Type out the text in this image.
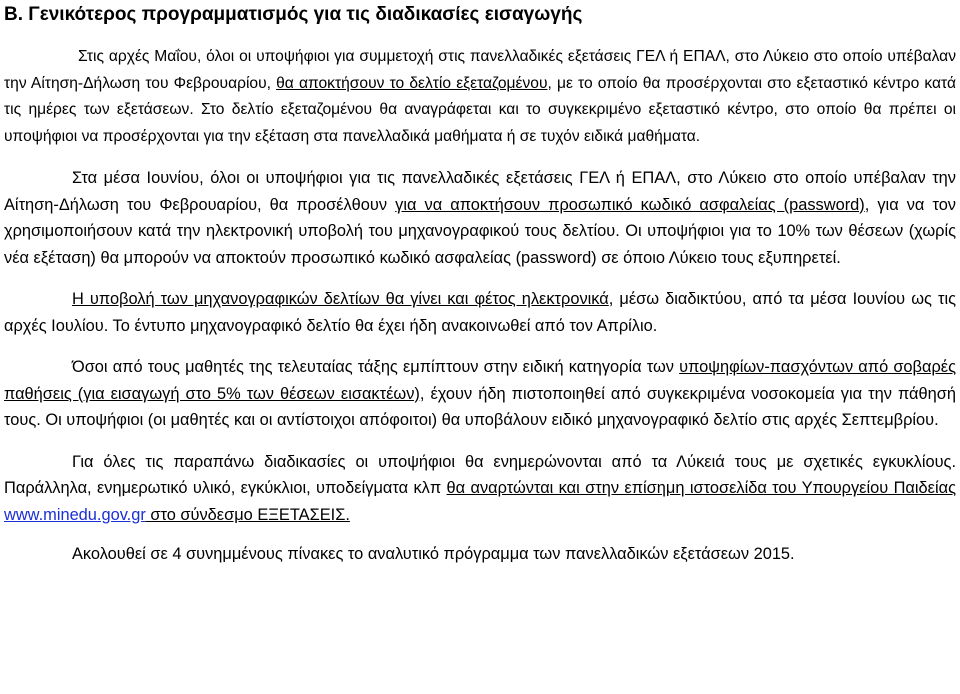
B. Γενικότερος προγραμματισμός για τις διαδικασίες εισαγωγής

Στις αρχές Μαΐου, όλοι οι υποψήφιοι για συμμετοχή στις πανελλαδικές εξετάσεις ΓΕΛ ή ΕΠΑΛ, στο Λύκειο στο οποίο υπέβαλαν την Αίτηση-Δήλωση του Φεβρουαρίου, θα αποκτήσουν το δελτίο εξεταζομένου, με το οποίο θα προσέρχονται στο εξεταστικό κέντρο κατά τις ημέρες των εξετάσεων. Στο δελτίο εξεταζομένου θα αναγράφεται και το συγκεκριμένο εξεταστικό κέντρο, στο οποίο θα πρέπει οι υποψήφιοι να προσέρχονται για την εξέταση στα πανελλαδικά μαθήματα ή σε τυχόν ειδικά μαθήματα.

Στα μέσα Ιουνίου, όλοι οι υποψήφιοι για τις πανελλαδικές εξετάσεις ΓΕΛ ή ΕΠΑΛ, στο Λύκειο στο οποίο υπέβαλαν την Αίτηση-Δήλωση του Φεβρουαρίου, θα προσέλθουν για να αποκτήσουν προσωπικό κωδικό ασφαλείας (password), για να τον χρησιμοποιήσουν κατά την ηλεκτρονική υποβολή του μηχανογραφικού τους δελτίου. Οι υποψήφιοι για το 10% των θέσεων (χωρίς νέα εξέταση) θα μπορούν να αποκτούν προσωπικό κωδικό ασφαλείας (password) σε όποιο Λύκειο τους εξυπηρετεί.

Η υποβολή των μηχανογραφικών δελτίων θα γίνει και φέτος ηλεκτρονικά, μέσω διαδικτύου, από τα μέσα Ιουνίου ως τις αρχές Ιουλίου. Το έντυπο μηχανογραφικό δελτίο θα έχει ήδη ανακοινωθεί από τον Απρίλιο.

Όσοι από τους μαθητές της τελευταίας τάξης εμπίπτουν στην ειδική κατηγορία των υποψηφίων-πασχόντων από σοβαρές παθήσεις (για εισαγωγή στο 5% των θέσεων εισακτέων), έχουν ήδη πιστοποιηθεί από συγκεκριμένα νοσοκομεία για την πάθησή τους. Οι υποψήφιοι (οι μαθητές και οι αντίστοιχοι απόφοιτοι) θα υποβάλουν ειδικό μηχανογραφικό δελτίο στις αρχές Σεπτεμβρίου.

Για όλες τις παραπάνω διαδικασίες οι υποψήφιοι θα ενημερώνονται από τα Λύκειά τους με σχετικές εγκυκλίους. Παράλληλα, ενημερωτικό υλικό, εγκύκλιοι, υποδείγματα κλπ θα αναρτώνται και στην επίσημη ιστοσελίδα του Υπουργείου Παιδείας www.minedu.gov.gr στο σύνδεσμο ΕΞΕΤΑΣΕΙΣ.

Ακολουθεί σε 4 συνημμένους πίνακες το αναλυτικό πρόγραμμα των πανελλαδικών εξετάσεων 2015.
